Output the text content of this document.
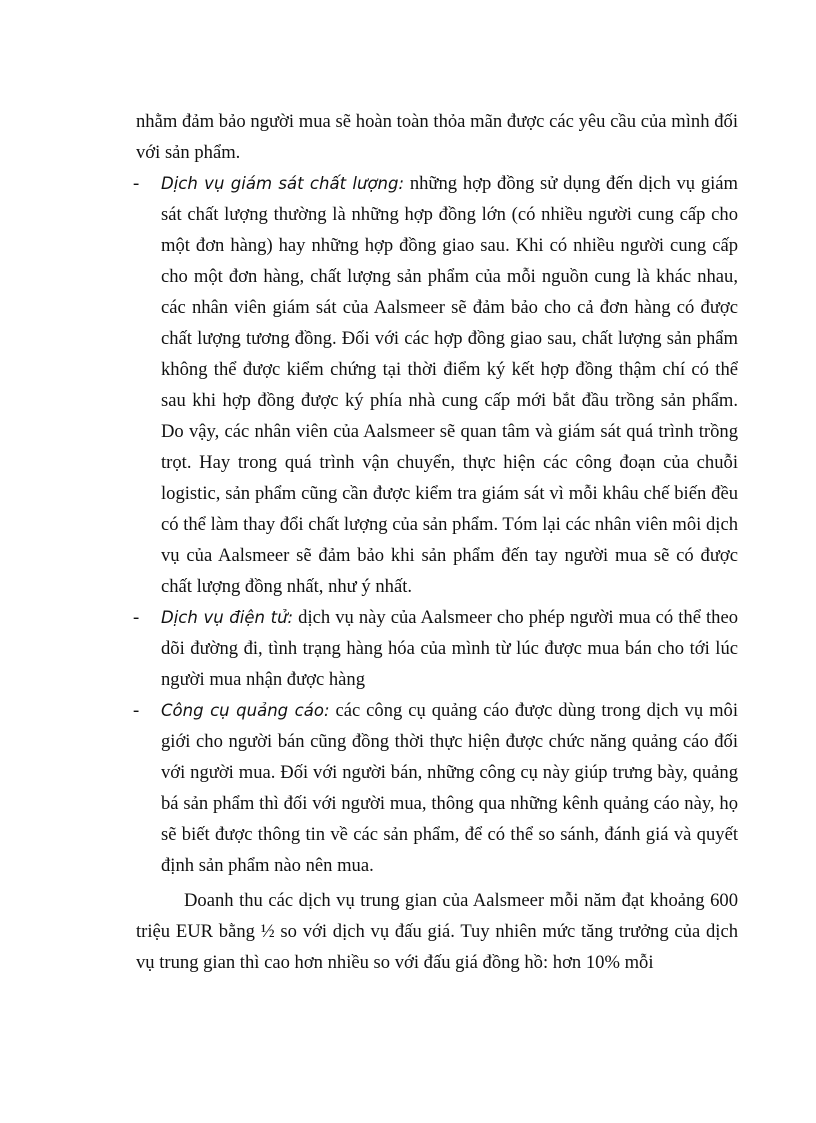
nhằm đảm bảo người mua sẽ hoàn toàn thỏa mãn được các yêu cầu của mình đối với sản phẩm.

- Dịch vụ giám sát chất lượng: những hợp đồng sử dụng đến dịch vụ giám sát chất lượng thường là những hợp đồng lớn (có nhiều người cung cấp cho một đơn hàng) hay những hợp đồng giao sau. Khi có nhiều người cung cấp cho một đơn hàng, chất lượng sản phẩm của mỗi nguồn cung là khác nhau, các nhân viên giám sát của Aalsmeer sẽ đảm bảo cho cả đơn hàng có được chất lượng tương đồng. Đối với các hợp đồng giao sau, chất lượng sản phẩm không thể được kiểm chứng tại thời điểm ký kết hợp đồng thậm chí có thể sau khi hợp đồng được ký phía nhà cung cấp mới bắt đầu trồng sản phẩm. Do vậy, các nhân viên của Aalsmeer sẽ quan tâm và giám sát quá trình trồng trọt. Hay trong quá trình vận chuyển, thực hiện các công đoạn của chuỗi logistic, sản phẩm cũng cần được kiểm tra giám sát vì mỗi khâu chế biến đều có thể làm thay đổi chất lượng của sản phẩm. Tóm lại các nhân viên môi dịch vụ của Aalsmeer sẽ đảm bảo khi sản phẩm đến tay người mua sẽ có được chất lượng đồng nhất, như ý nhất.

- Dịch vụ điện tử: dịch vụ này của Aalsmeer cho phép người mua có thể theo dõi đường đi, tình trạng hàng hóa của mình từ lúc được mua bán cho tới lúc người mua nhận được hàng

- Công cụ quảng cáo: các công cụ quảng cáo được dùng trong dịch vụ môi giới cho người bán cũng đồng thời thực hiện được chức năng quảng cáo đối với người mua. Đối với người bán, những công cụ này giúp trưng bày, quảng bá sản phẩm thì đối với người mua, thông qua những kênh quảng cáo này, họ sẽ biết được thông tin về các sản phẩm, để có thể so sánh, đánh giá và quyết định sản phẩm nào nên mua.

Doanh thu các dịch vụ trung gian của Aalsmeer mỗi năm đạt khoảng 600 triệu EUR bằng ½ so với dịch vụ đấu giá. Tuy nhiên mức tăng trưởng của dịch vụ trung gian thì cao hơn nhiều so với đấu giá đồng hồ: hơn 10% mỗi
